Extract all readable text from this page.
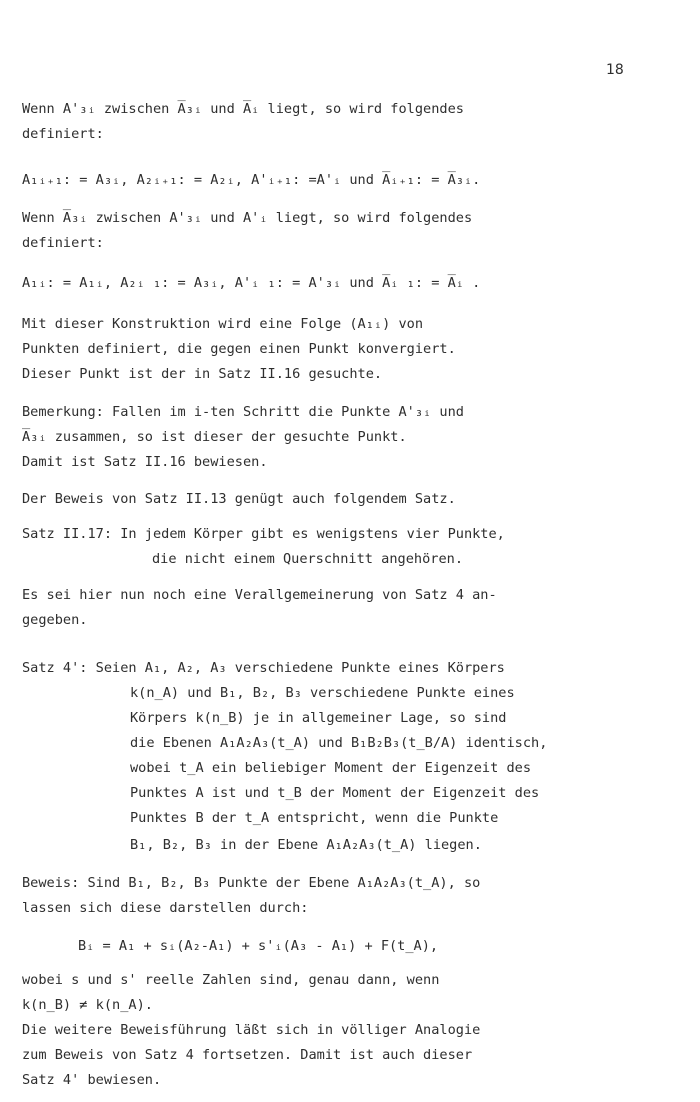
18
Wenn A'₃ᵢ zwischen A̅₃ᵢ und A̅ᵢ liegt, so wird folgendes
definiert:
A₁ᵢ₊₁: = A₃ᵢ, A₂ᵢ₊₁: = A₂ᵢ, A'ᵢ₊₁: =A'ᵢ und A̅ᵢ₊₁: = A̅₃ᵢ.
Wenn A̅₃ᵢ zwischen A'₃ᵢ und A'ᵢ liegt, so wird folgendes
definiert:
A₁ᵢ: = A₁ᵢ, A₂ᵢ ₁: = A₃ᵢ, A'ᵢ ₁: = A'₃ᵢ und A̅ᵢ ₁: = A̅ᵢ .
Mit dieser Konstruktion wird eine Folge (A₁ᵢ) von
Punkten definiert, die gegen einen Punkt konvergiert.
Dieser Punkt ist der in Satz II.16 gesuchte.
Bemerkung: Fallen im i-ten Schritt die Punkte A'₃ᵢ und
A̅₃ᵢ zusammen, so ist dieser der gesuchte Punkt.
Damit ist Satz II.16 bewiesen.
Der Beweis von Satz II.13 genügt auch folgendem Satz.
Satz II.17: In jedem Körper gibt es wenigstens vier Punkte,
die nicht einem Querschnitt angehören.
Es sei hier nun noch eine Verallgemeinerung von Satz 4 an-
gegeben.
Satz 4': Seien A₁, A₂, A₃ verschiedene Punkte eines Körpers
k(n_A) und B₁, B₂, B₃ verschiedene Punkte eines
Körpers k(n_B) je in allgemeiner Lage, so sind
die Ebenen A₁A₂A₃(t_A) und B₁B₂B₃(t_B/A) identisch,
wobei t_A ein beliebiger Moment der Eigenzeit des
Punktes A ist und t_B der Moment der Eigenzeit des
Punktes B der t_A entspricht, wenn die Punkte
B₁, B₂, B₃ in der Ebene A₁A₂A₃(t_A) liegen.
Beweis: Sind B₁, B₂, B₃ Punkte der Ebene A₁A₂A₃(t_A), so
lassen sich diese darstellen durch:
Bᵢ = A₁ + sᵢ(A₂-A₁) + s'ᵢ(A₃ - A₁) + F(t_A),
wobei s und s' reelle Zahlen sind, genau dann, wenn
k(n_B) ≠ k(n_A).
Die weitere Beweisführung läßt sich in völliger Analogie
zum Beweis von Satz 4 fortsetzen. Damit ist auch dieser
Satz 4' bewiesen.
